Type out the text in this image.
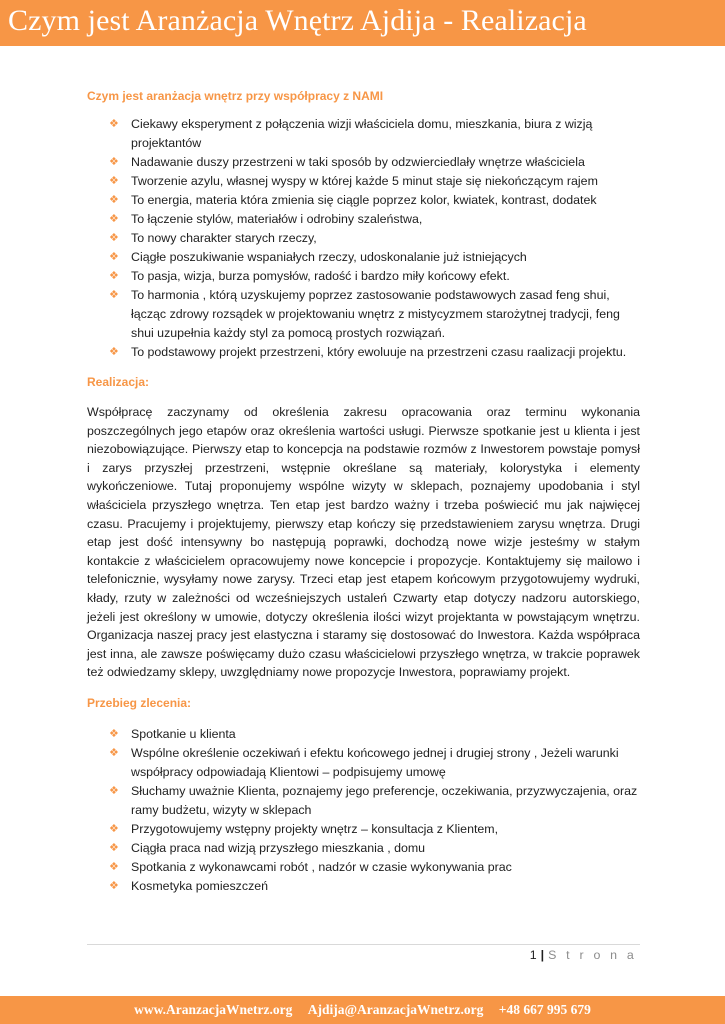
Czym jest Aranżacja Wnętrz Ajdija - Realizacja

Czym jest aranżacja wnętrz przy współpracy z NAMI

❖ Ciekawy eksperyment z połączenia wizji właściciela domu, mieszkania, biura z wizją projektantów
❖ Nadawanie duszy przestrzeni w taki sposób by odzwierciedlały wnętrze właściciela
❖ Tworzenie azylu, własnej wyspy w której każde 5 minut staje się niekończącym rajem
❖ To energia, materia która zmienia się ciągle poprzez kolor, kwiatek, kontrast, dodatek
❖ To łączenie stylów, materiałów i odrobiny szaleństwa,
❖ To nowy charakter starych rzeczy,
❖ Ciągłe poszukiwanie wspaniałych rzeczy, udoskonalanie już istniejących
❖ To pasja, wizja, burza pomysłów, radość i bardzo miły końcowy efekt.
❖ To harmonia , którą uzyskujemy poprzez zastosowanie podstawowych zasad feng shui, łącząc zdrowy rozsądek w projektowaniu wnętrz z mistycyzmem starożytnej tradycji, feng shui uzupełnia każdy styl za pomocą prostych rozwiązań.
❖ To podstawowy projekt przestrzeni, który ewoluuje na przestrzeni czasu raalizacji projektu.

Realizacja:

Współpracę zaczynamy od określenia zakresu opracowania oraz terminu wykonania poszczególnych jego etapów oraz określenia wartości usługi. Pierwsze spotkanie jest u klienta i jest niezobowiązujące. Pierwszy etap to koncepcja na podstawie rozmów z Inwestorem powstaje pomysł i zarys przyszłej przestrzeni, wstępnie określane są materiały, kolorystyka i elementy wykończeniowe. Tutaj proponujemy wspólne wizyty w sklepach, poznajemy upodobania i styl właściciela przyszłego wnętrza. Ten etap jest bardzo ważny i trzeba poświecić mu jak najwięcej czasu. Pracujemy i projektujemy, pierwszy etap kończy się przedstawieniem zarysu wnętrza. Drugi etap jest dość intensywny bo następują poprawki, dochodzą nowe wizje jesteśmy w stałym kontakcie z właścicielem opracowujemy nowe koncepcie i propozycje. Kontaktujemy się mailowo i telefonicznie, wysyłamy nowe zarysy. Trzeci etap jest etapem końcowym przygotowujemy wydruki, kłady, rzuty w zależności od wcześniejszych ustaleń Czwarty etap dotyczy nadzoru autorskiego, jeżeli jest określony w umowie, dotyczy określenia ilości wizyt projektanta w powstającym wnętrzu. Organizacja naszej pracy jest elastyczna i staramy się dostosować do Inwestora. Każda współpraca jest inna, ale zawsze poświęcamy dużo czasu właścicielowi przyszłego wnętrza, w trakcie poprawek też odwiedzamy sklepy, uwzględniamy nowe propozycje Inwestora, poprawiamy projekt.

Przebieg zlecenia:

❖ Spotkanie u klienta
❖ Wspólne określenie oczekiwań i efektu końcowego jednej i drugiej strony , Jeżeli warunki współpracy odpowiadają Klientowi – podpisujemy umowę
❖ Słuchamy uważnie Klienta, poznajemy jego preferencje, oczekiwania, przyzwyczajenia, oraz ramy budżetu, wizyty w sklepach
❖ Przygotowujemy wstępny projekty wnętrz – konsultacja z Klientem,
❖ Ciągła praca nad wizją przyszłego mieszkania , domu
❖ Spotkania z wykonawcami robót , nadzór w czasie wykonywania prac
❖ Kosmetyka pomieszczeń
1 | S t r o n a
www.AranzacjaWnetrz.org Ajdija@AranzacjaWnetrz.org +48 667 995 679
